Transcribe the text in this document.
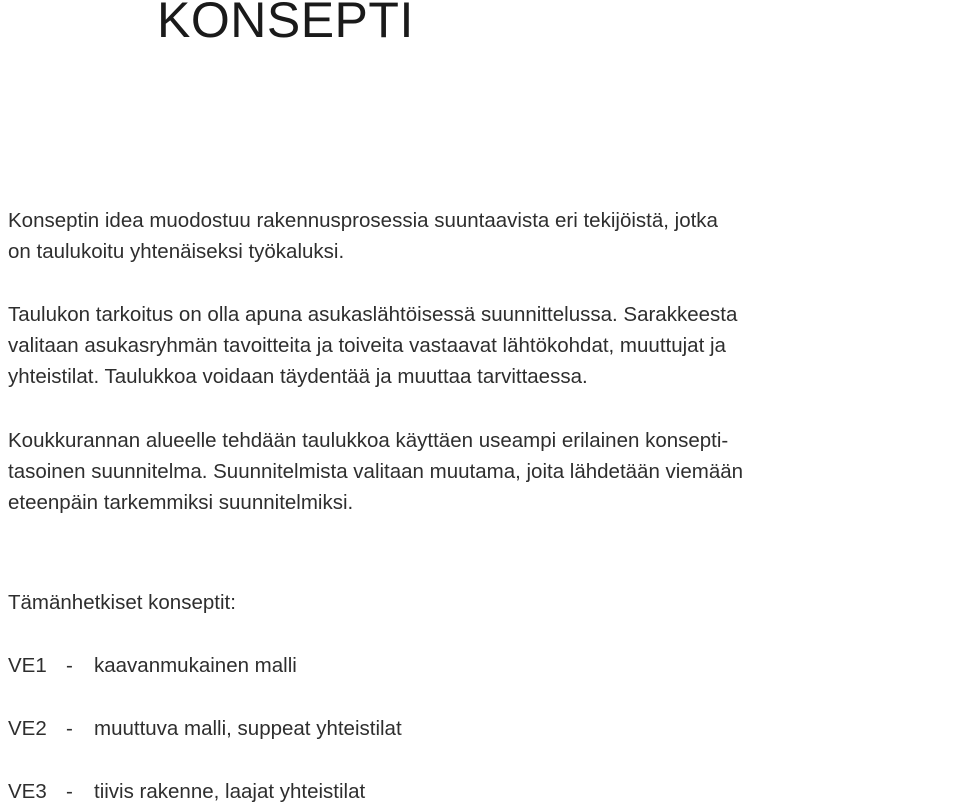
KONSEPTI
Konseptin idea muodostuu rakennusprosessia suuntaavista eri tekijöistä, jotka
on taulukoitu yhtenäiseksi työkaluksi.
Taulukon tarkoitus on olla apuna asukaslähtöisessä suunnittelussa. Sarakkeesta
valitaan asukasryhmän tavoitteita ja toiveita vastaavat lähtökohdat, muuttujat ja
yhteistilat. Taulukkoa voidaan täydentää ja muuttaa tarvittaessa.
Koukkurannan alueelle tehdään taulukkoa käyttäen useampi erilainen konsepti-
tasoinen suunnitelma. Suunnitelmista valitaan muutama, joita lähdetään viemään
eteenpäin tarkemmiksi suunnitelmiksi.
Tämänhetkiset konseptit:
VE1 - kaavanmukainen malli
VE2 - muuttuva malli, suppeat yhteistilat
VE3 - tiivis rakenne, laajat yhteistilat
